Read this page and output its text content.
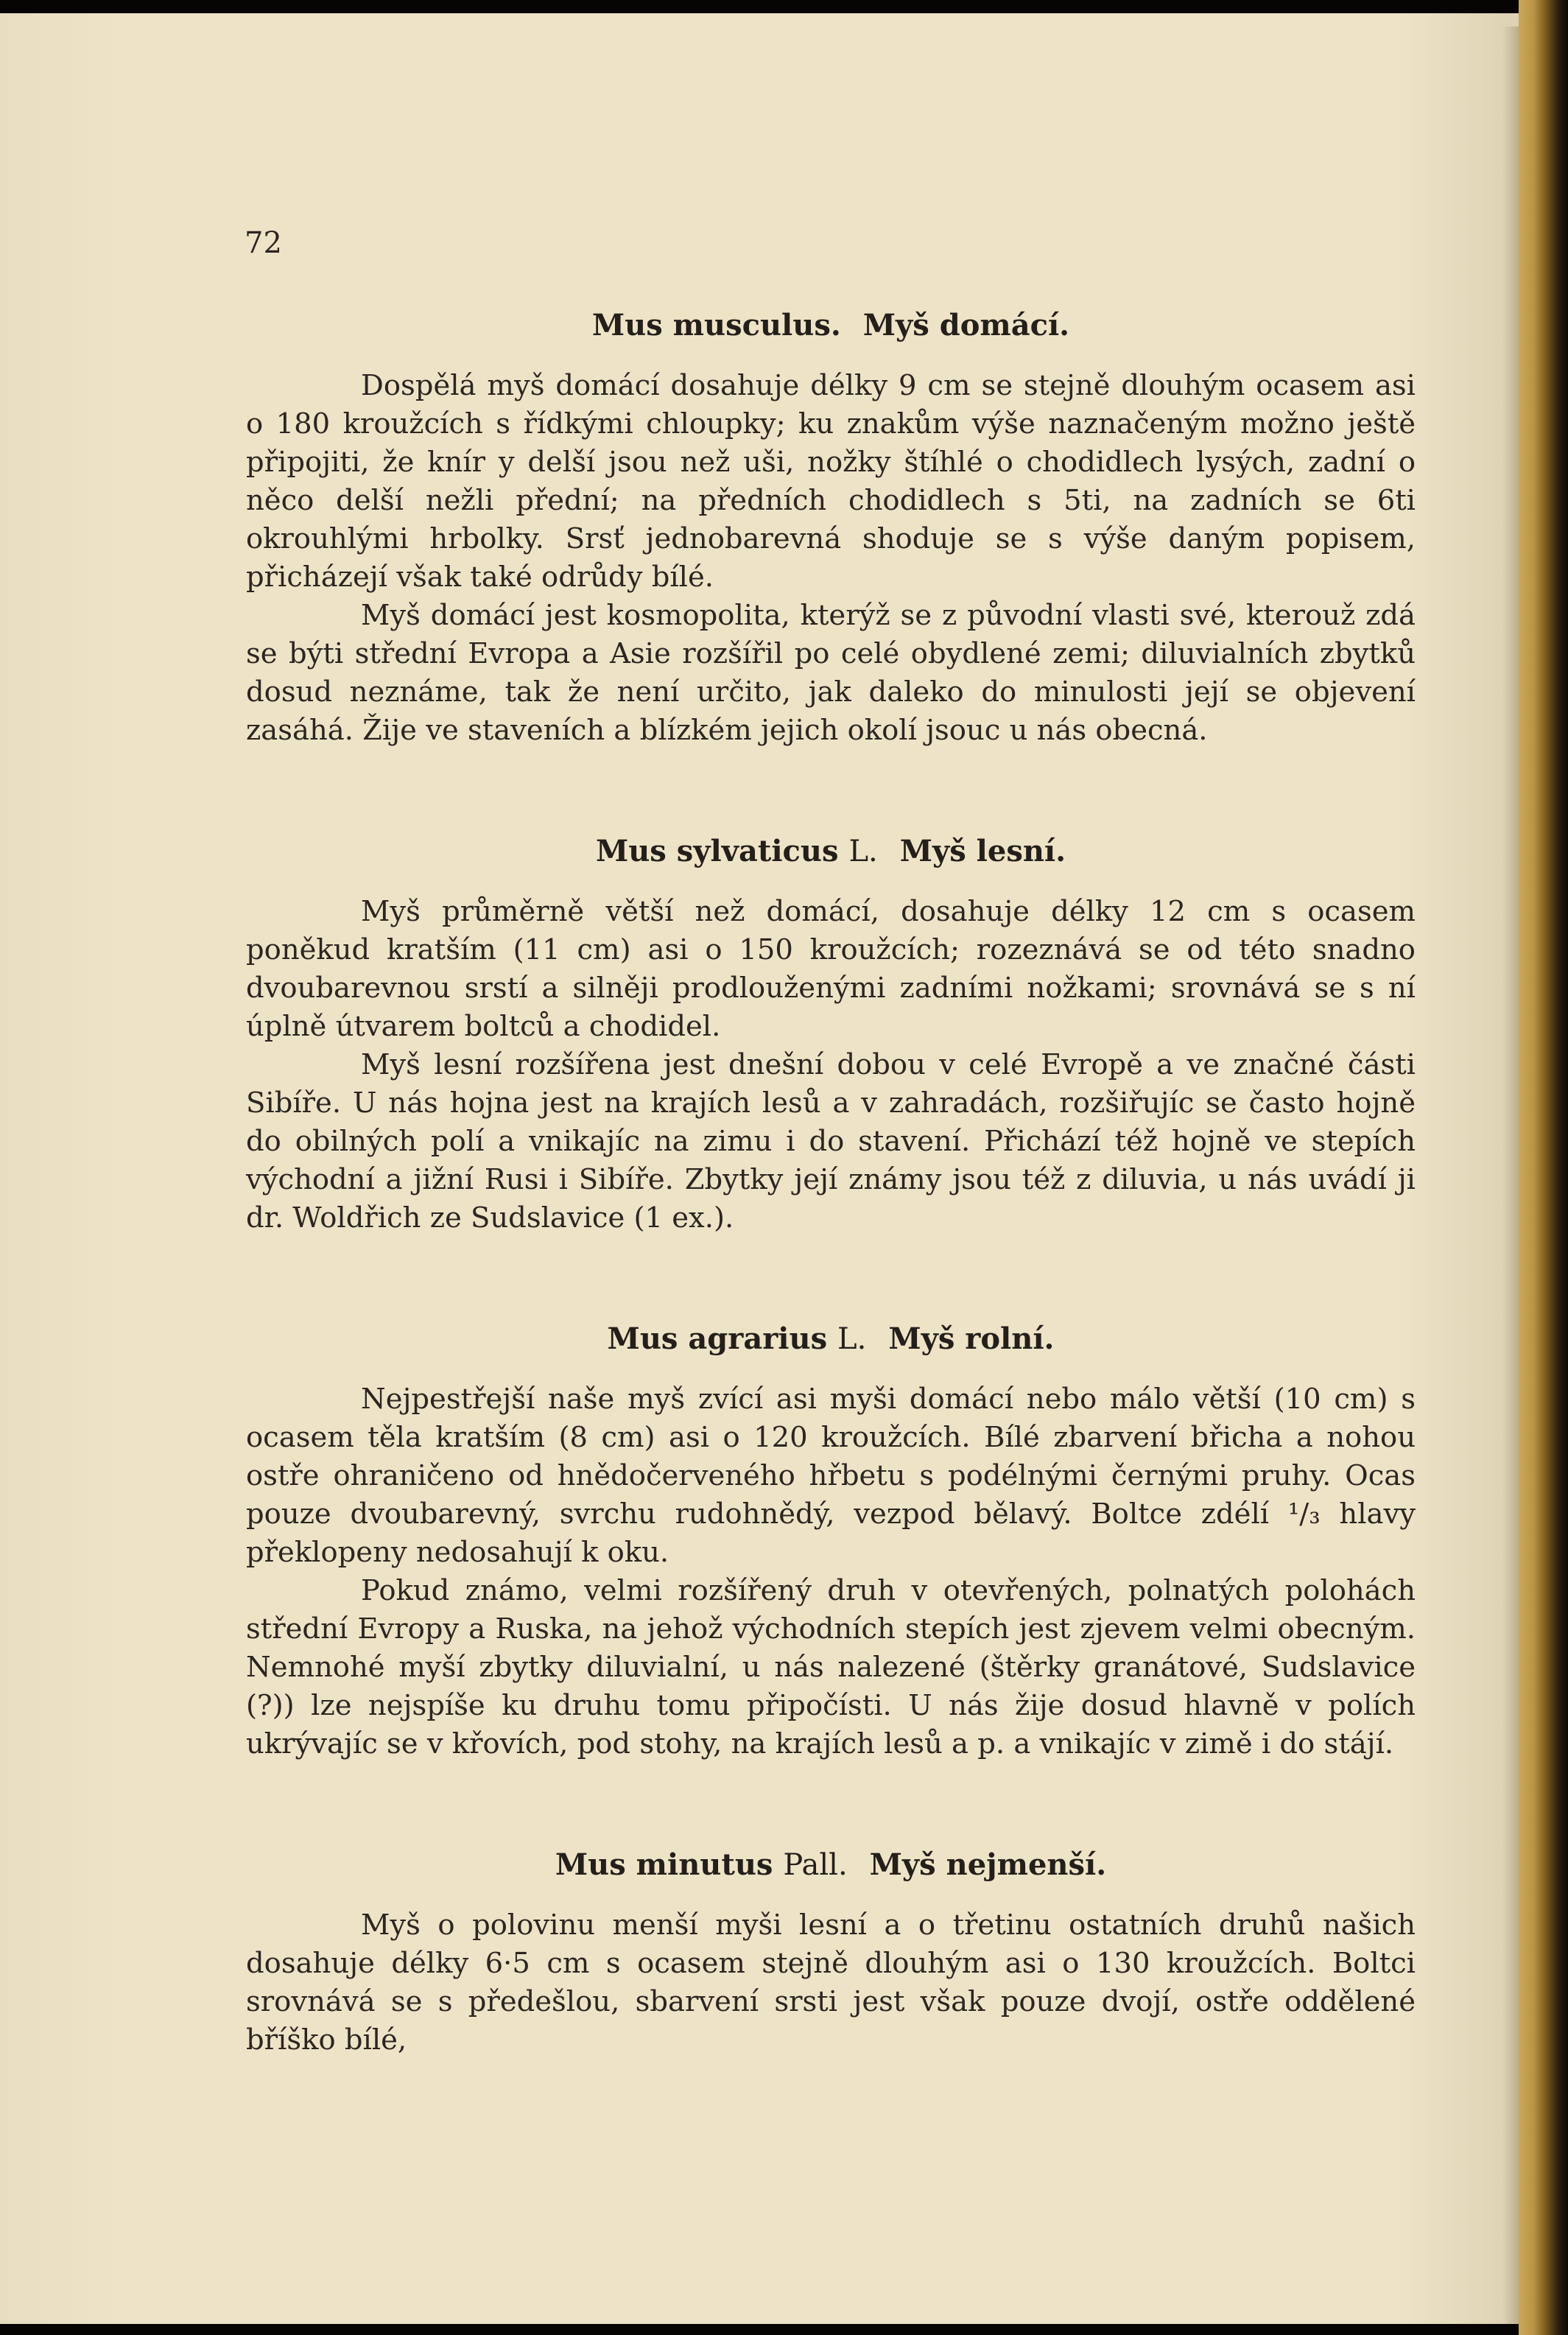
72
Mus musculus. Myš domácí.

Dospělá myš domácí dosahuje délky 9 cm se stejně dlouhým ocasem asi o 180 kroužcích s řídkými chloupky; ku znakům výše naznačeným možno ještě připojiti, že knír y delší jsou než uši, nožky štíhlé o chodidlech lysých, zadní o něco delší nežli přední; na předních chodidlech s 5ti, na zadních se 6ti okrouhlými hrbolky. Srsť jednobarevná shoduje se s výše daným popisem, přicházejí však také odrůdy bílé.

Myš domácí jest kosmopolita, kterýž se z původní vlasti své, kterouž zdá se býti střední Evropa a Asie rozšířil po celé obydlené zemi; diluvialních zbytků dosud neznáme, tak že není určito, jak daleko do minulosti její se objevení zasáhá. Žije ve staveních a blízkém jejich okolí jsouc u nás obecná.

Mus sylvaticus L. Myš lesní.

Myš průměrně větší než domácí, dosahuje délky 12 cm s ocasem poněkud kratším (11 cm) asi o 150 kroužcích; rozeznává se od této snadno dvoubarevnou srstí a silněji prodlouženými zadními nožkami; srovnává se s ní úplně útvarem boltců a chodidel.

Myš lesní rozšířena jest dnešní dobou v celé Evropě a ve značné části Sibíře. U nás hojna jest na krajích lesů a v zahradách, rozšiřujíc se často hojně do obilných polí a vnikajíc na zimu i do stavení. Přichází též hojně ve stepích východní a jižní Rusi i Sibíře. Zbytky její známy jsou též z diluvia, u nás uvádí ji dr. Woldřich ze Sudslavice (1 ex.).

Mus agrarius L. Myš rolní.

Nejpestřejší naše myš zvící asi myši domácí nebo málo větší (10 cm) s ocasem těla kratším (8 cm) asi o 120 kroužcích. Bílé zbarvení břicha a nohou ostře ohraničeno od hnědočerveného hřbetu s podélnými černými pruhy. Ocas pouze dvoubarevný, svrchu rudohnědý, vezpod bělavý. Boltce zdélí ¹/₃ hlavy překlopeny nedosahují k oku.

Pokud známo, velmi rozšířený druh v otevřených, polnatých polohách střední Evropy a Ruska, na jehož východních stepích jest zjevem velmi obecným. Nemnohé myší zbytky diluvialní, u nás nalezené (štěrky granátové, Sudslavice (?)) lze nejspíše ku druhu tomu připočísti. U nás žije dosud hlavně v polích ukrývajíc se v křovích, pod stohy, na krajích lesů a p. a vnikajíc v zimě i do stájí.

Mus minutus Pall. Myš nejmenší.

Myš o polovinu menší myši lesní a o třetinu ostatních druhů našich dosahuje délky 6·5 cm s ocasem stejně dlouhým asi o 130 kroužcích. Boltci srovnává se s předešlou, sbarvení srsti jest však pouze dvojí, ostře oddělené bříško bílé,
